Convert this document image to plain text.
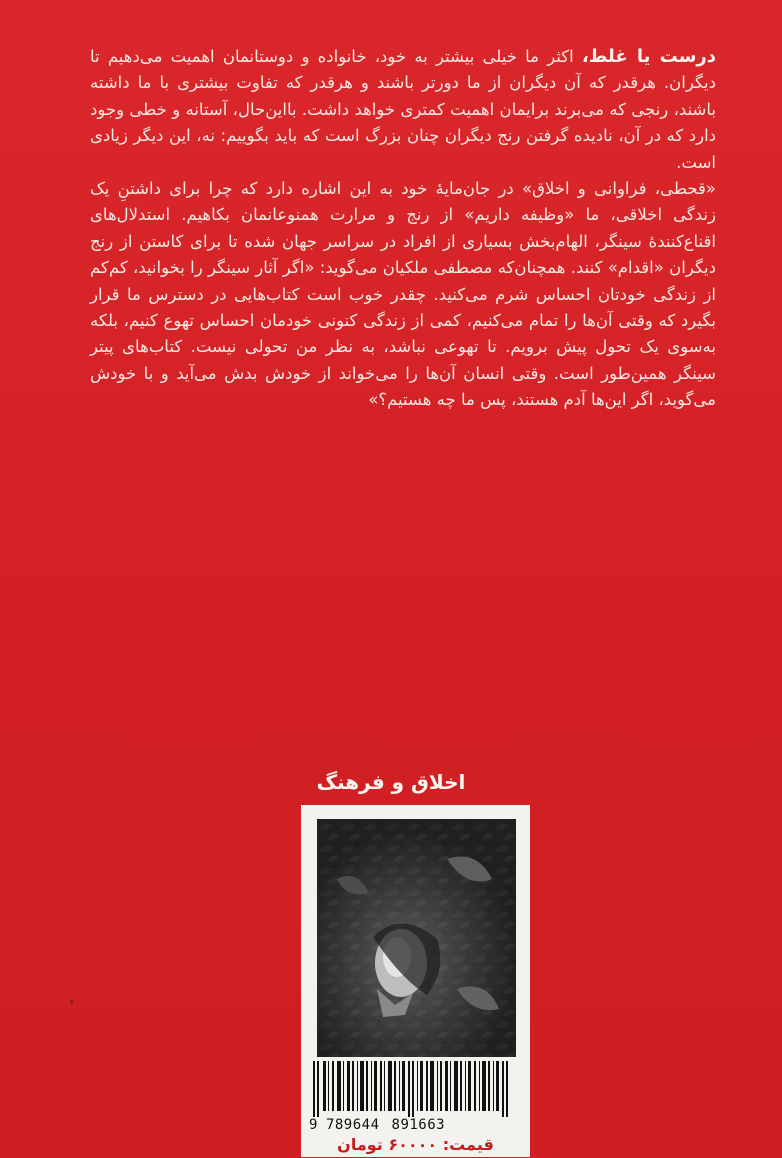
درست یا غلط، اکثر ما خیلی بیشتر به خود، خانواده و دوستانمان اهمیت می‌دهیم تا دیگران. هرقدر که آن دیگران از ما دورتر باشند و هرقدر که تفاوت بیشتری با ما داشته باشند، رنجی که می‌برند برایمان اهمیت کمتری خواهد داشت. با‌این‌حال، آستانه و خطی وجود دارد که در آن، نادیده گرفتن رنج دیگران چنان بزرگ است که باید بگوییم: نه، این دیگر زیادی است.

«قحطی، فراوانی و اخلاق» در جان‌مایهٔ خود به این اشاره دارد که چرا برای داشتنِ یک زندگی اخلاقی، ما «وظیفه داریم» از رنج و مرارت همنوعانمان بکاهیم. استدلال‌های اقناع‌کنندهٔ سینگر، الهام‌بخش بسیاری از افراد در سراسر جهان شده تا برای کاستن از رنج دیگران «اقدام» کنند. همچنان‌که مصطفی ملکیان می‌گوید: «اگر آثار سینگر را بخوانید، کم‌کم از زندگی خودتان احساس شرم می‌کنید. چقدر خوب است کتاب‌هایی در دسترس ما قرار بگیرد که وقتی آن‌ها را تمام می‌کنیم، کمی از زندگی کنونی خودمان احساس تهوع کنیم، بلکه به‌سوی یک تحول پیش برویم. تا تهوعی نباشد، به نظر من تحولی نیست. کتاب‌های پیتر سینگر همین‌طور است. وقتی انسان آن‌ها را می‌خواند از خودش بدش می‌آید و با خودش می‌گوید، اگر این‌ها آدم هستند، پس ما چه هستیم؟»

اخلاق و فرهنگ
9 789644 891663
قیمت: ۶۰۰۰۰ تومان
